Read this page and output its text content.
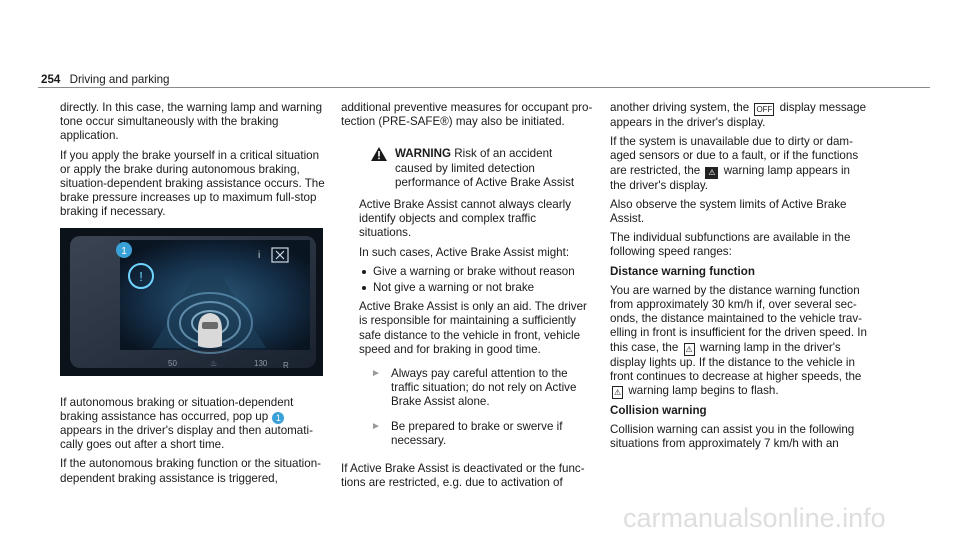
254 Driving and parking

directly. In this case, the warning lamp and warning tone occur simultaneously with the braking application.

If you apply the brake yourself in a critical situation or apply the brake during autonomous braking, situation-dependent braking assistance occurs. The brake pressure increases up to maximum full-stop braking if necessary.

!
1	i
50	♨	130 R

If autonomous braking or situation-dependent braking assistance has occurred, pop up 1 appears in the driver's display and then automatically goes out after a short time.

If the autonomous braking function or the situation-dependent braking assistance is triggered,

additional preventive measures for occupant protection (PRE-SAFE®) may also be initiated.

WARNING Risk of an accident caused by limited detection performance of Active Brake Assist

Active Brake Assist cannot always clearly identify objects and complex traffic situations.

In such cases, Active Brake Assist might:

Give a warning or brake without reason
Not give a warning or not brake

Active Brake Assist is only an aid. The driver is responsible for maintaining a sufficiently safe distance to the vehicle in front, vehicle speed and for braking in good time.

► Always pay careful attention to the traffic situation; do not rely on Active Brake Assist alone.
► Be prepared to brake or swerve if necessary.

If Active Brake Assist is deactivated or the functions are restricted, e.g. due to activation of

another driving system, the OFF display message appears in the driver's display.

If the system is unavailable due to dirty or damaged sensors or due to a fault, or if the functions are restricted, the ⚠ warning lamp appears in the driver's display.

Also observe the system limits of Active Brake Assist.

The individual subfunctions are available in the following speed ranges:

Distance warning function

You are warned by the distance warning function from approximately 30 km/h if, over several seconds, the distance maintained to the vehicle travelling in front is insufficient for the driven speed. In this case, the ⚠ warning lamp in the driver's display lights up. If the distance to the vehicle in front continues to decrease at higher speeds, the ⚠ warning lamp begins to flash.

Collision warning

Collision warning can assist you in the following situations from approximately 7 km/h with an

carmanualsonline.info
